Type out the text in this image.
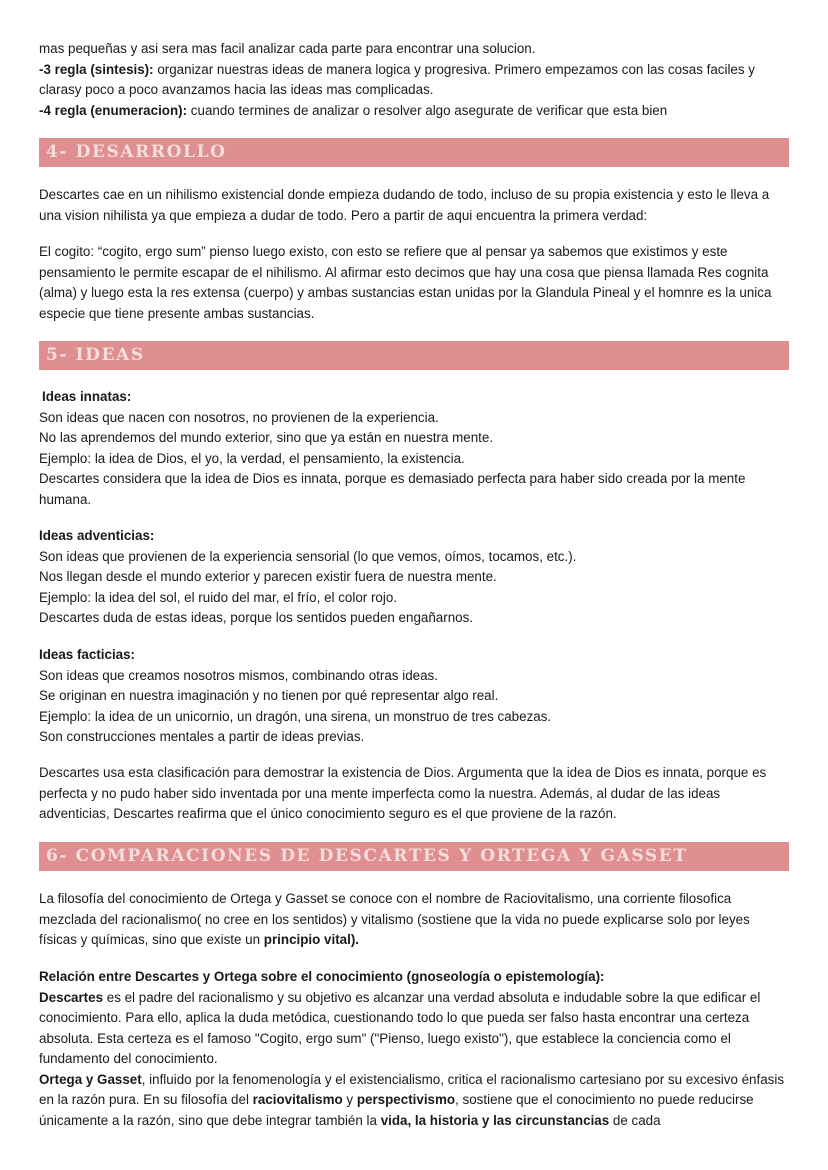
mas pequeñas y asi sera mas facil analizar cada parte para encontrar una solucion.

-3 regla (sintesis): organizar nuestras ideas de manera logica y progresiva. Primero empezamos con las cosas faciles y clarasy poco a poco avanzamos hacia las ideas mas complicadas.

-4 regla (enumeracion): cuando termines de analizar o resolver algo asegurate de verificar que esta bien

4- DESARROLLO

Descartes cae en un nihilismo existencial donde empieza dudando de todo, incluso de su propia existencia y esto le lleva a una vision nihilista ya que empieza a dudar de todo. Pero a partir de aqui encuentra la primera verdad:

El cogito: “cogito, ergo sum” pienso luego existo, con esto se refiere que al pensar ya sabemos que existimos y este pensamiento le permite escapar de el nihilismo. Al afirmar esto decimos que hay una cosa que piensa llamada Res cognita (alma) y luego esta la res extensa (cuerpo) y ambas sustancias estan unidas por la Glandula Pineal y el homnre es la unica especie que tiene presente ambas sustancias.

5- IDEAS

Ideas innatas:

Son ideas que nacen con nosotros, no provienen de la experiencia.

No las aprendemos del mundo exterior, sino que ya están en nuestra mente.

Ejemplo: la idea de Dios, el yo, la verdad, el pensamiento, la existencia.

Descartes considera que la idea de Dios es innata, porque es demasiado perfecta para haber sido creada por la mente humana.

Ideas adventicias:

Son ideas que provienen de la experiencia sensorial (lo que vemos, oímos, tocamos, etc.).

Nos llegan desde el mundo exterior y parecen existir fuera de nuestra mente.

Ejemplo: la idea del sol, el ruido del mar, el frío, el color rojo.

Descartes duda de estas ideas, porque los sentidos pueden engañarnos.

Ideas facticias:

Son ideas que creamos nosotros mismos, combinando otras ideas.

Se originan en nuestra imaginación y no tienen por qué representar algo real.

Ejemplo: la idea de un unicornio, un dragón, una sirena, un monstruo de tres cabezas.

Son construcciones mentales a partir de ideas previas.

Descartes usa esta clasificación para demostrar la existencia de Dios. Argumenta que la idea de Dios es innata, porque es perfecta y no pudo haber sido inventada por una mente imperfecta como la nuestra. Además, al dudar de las ideas adventicias, Descartes reafirma que el único conocimiento seguro es el que proviene de la razón.

6- COMPARACIONES DE DESCARTES Y ORTEGA Y GASSET

La filosofía del conocimiento de Ortega y Gasset se conoce con el nombre de Raciovitalismo, una corriente filosofica mezclada del racionalismo( no cree en los sentidos) y vitalismo (sostiene que la vida no puede explicarse solo por leyes físicas y químicas, sino que existe un principio vital).

Relación entre Descartes y Ortega sobre el conocimiento (gnoseología o epistemología):

Descartes es el padre del racionalismo y su objetivo es alcanzar una verdad absoluta e indudable sobre la que edificar el conocimiento. Para ello, aplica la duda metódica, cuestionando todo lo que pueda ser falso hasta encontrar una certeza absoluta. Esta certeza es el famoso "Cogito, ergo sum" ("Pienso, luego existo"), que establece la conciencia como el fundamento del conocimiento.

Ortega y Gasset, influido por la fenomenología y el existencialismo, critica el racionalismo cartesiano por su excesivo énfasis en la razón pura. En su filosofía del raciovitalismo y perspectivismo, sostiene que el conocimiento no puede reducirse únicamente a la razón, sino que debe integrar también la vida, la historia y las circunstancias de cada
